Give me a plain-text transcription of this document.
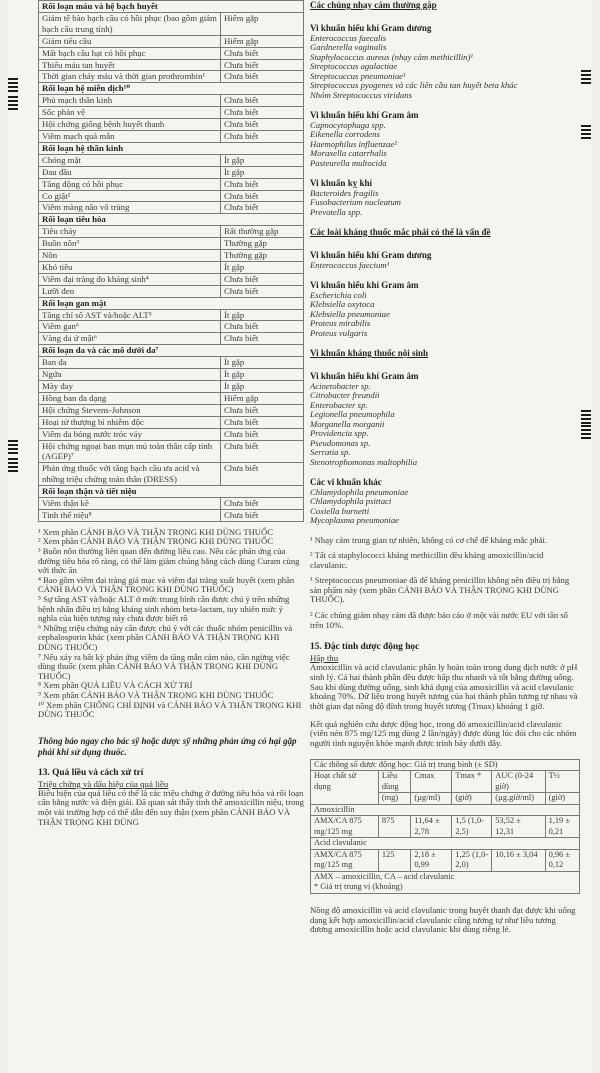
Rối loạn máu và hệ bạch huyết	
Giảm tế bào bạch cầu có hồi phục (bao gồm giảm bạch cầu trung tính)	Hiếm gặp
Giảm tiểu cầu	Hiếm gặp
Mất bạch cầu hạt có hồi phục	Chưa biết
Thiếu máu tan huyết	Chưa biết
Thời gian chảy máu và thời gian prothrombin¹	Chưa biết
Rối loạn hệ miễn dịch¹⁰	
Phù mạch thần kinh	Chưa biết
Sốc phản vệ	Chưa biết
Hội chứng giống bệnh huyết thanh	Chưa biết
Viêm mạch quá mẫn	Chưa biết
Rối loạn hệ thần kinh	
Chóng mặt	Ít gặp
Đau đầu	Ít gặp
Tăng động có hồi phục	Chưa biết
Co giật²	Chưa biết
Viêm màng não vô trùng	Chưa biết
Rối loạn tiêu hóa	
Tiêu chảy	Rất thường gặp
Buồn nôn³	Thường gặp
Nôn	Thường gặp
Khó tiêu	Ít gặp
Viêm đại tràng do kháng sinh⁴	Chưa biết
Lưỡi đen	Chưa biết
Rối loạn gan mật	
Tăng chỉ số AST và/hoặc ALT⁵	Ít gặp
Viêm gan⁶	Chưa biết
Vàng da ứ mật⁶	Chưa biết
Rối loạn da và các mô dưới da⁷	
Ban da	Ít gặp
Ngứa	Ít gặp
Mày đay	Ít gặp
Hồng ban đa dạng	Hiếm gặp
Hội chứng Stevens-Johnson	Chưa biết
Hoại tử thượng bì nhiễm độc	Chưa biết
Viêm da bóng nước tróc vảy	Chưa biết
Hội chứng ngoại ban mụn mủ toàn thân cấp tính (AGEP)⁷	Chưa biết
Phản ứng thuốc với tăng bạch cầu ưa acid và những triệu chứng toàn thân (DRESS)	Chưa biết
Rối loạn thận và tiết niệu	
Viêm thận kẽ	Chưa biết
Tinh thể niệu⁸	Chưa biết

¹ Xem phần CẢNH BÁO VÀ THẬN TRỌNG KHI DÙNG THUỐC

² Xem phần CẢNH BÁO VÀ THẬN TRỌNG KHI DÙNG THUỐC

³ Buồn nôn thường liên quan đến đường liều cao. Nếu các phản ứng của đường tiêu hóa rõ ràng, có thể làm giảm chúng bằng cách dùng Curam cùng với thức ăn

⁴ Bao gồm viêm đại tràng giả mạc và viêm đại tràng xuất huyết (xem phần CẢNH BÁO VÀ THẬN TRỌNG KHI DÙNG THUỐC)

⁵ Sự tăng AST và/hoặc ALT ở mức trung bình cần được chú ý trên những bệnh nhân điều trị bằng kháng sinh nhóm beta-lactam, tuy nhiên mức ý nghĩa của hiện tượng này chưa được biết rõ

⁶ Những triệu chứng này cần được chú ý với các thuốc nhóm penicillin và cephalosporin khác (xem phần CẢNH BÁO VÀ THẬN TRỌNG KHI DÙNG THUỐC)

⁷ Nếu xảy ra bất kỳ phản ứng viêm da tăng mẫn cảm nào, cần ngừng việc dùng thuốc (xem phần CẢNH BÁO VÀ THẬN TRỌNG KHI DÙNG THUỐC)

⁸ Xem phần QUÁ LIỀU VÀ CÁCH XỬ TRÍ

⁹ Xem phần CẢNH BÁO VÀ THẬN TRỌNG KHI DÙNG THUỐC

¹⁰ Xem phần CHỐNG CHỈ ĐỊNH và CẢNH BÁO VÀ THẬN TRỌNG KHI DÙNG THUỐC

Thông báo ngay cho bác sỹ hoặc dược sỹ những phản ứng có hại gặp phải khi sử dụng thuốc.

13. Quá liều và cách xử trí

Triệu chứng và dấu hiệu của quá liều

Biểu hiện của quá liều có thể là các triệu chứng ở đường tiêu hóa và rối loạn cân bằng nước và điện giải. Đã quan sát thấy tinh thể amoxicillin niệu, trong một vài trường hợp có thể dẫn đến suy thận (xem phần CẢNH BÁO VÀ THẬN TRỌNG KHI DÙNG

Các chủng nhạy cảm thường gặp

Vi khuẩn hiếu khí Gram dương
Enterococcus faecalis
Gardnerella vaginalis
Staphylococcus aureus (nhạy cảm methicillin)¹
Streptococcus agalactiae
Streptococcus pneumoniae¹
Streptococcus pyogenes và các liên cầu tan huyết beta khác
Nhóm Streptococcus viridans
Vi khuẩn hiếu khí Gram âm
Capnocytophaga spp.
Eikenella corrodens
Haemophilus influenzae²
Moraxella catarrhalis
Pasteurella multocida
Vi khuẩn kỵ khí
Bacteroides fragilis
Fusobacterium nucleatum
Prevotella spp.

Các loài kháng thuốc mắc phải có thể là vấn đề

Vi khuẩn hiếu khí Gram dương
Enterococcus faecium¹
Vi khuẩn hiếu khí Gram âm
Escherichia coli
Klebsiella oxytoca
Klebsiella pneumoniae
Proteus mirabilis
Proteus vulgaris

Vi khuẩn kháng thuốc nội sinh

Vi khuẩn hiếu khí Gram âm
Acinetobacter sp.
Citrobacter freundii
Enterobacter sp.
Legionella pneumophila
Morganella morganii
Providencia spp.
Pseudomonas sp.
Serratia sp.
Stenotrophomonas maltophilia
Các vi khuẩn khác
Chlamydophila pneumoniae
Chlamydophila psittaci
Coxiella burnetti
Mycoplasma pneumoniae

¹ Nhạy cảm trung gian tự nhiên, không có cơ chế để kháng mắc phải.

² Tất cả staphylococci kháng methicillin đều kháng amoxicillin/acid clavulanic.

¹ Streptococcus pneumoniae đã để kháng penicillin không nên điều trị bằng sản phẩm này (xem phần CẢNH BÁO VÀ THẬN TRỌNG KHI DÙNG THUỐC).

² Các chủng giảm nhạy cảm đã được báo cáo ở một vài nước EU với tần số trên 10%.

15. Đặc tính dược động học

Hấp thu

Amoxicillin và acid clavulanic phân ly hoàn toàn trong dung dịch nước ở pH sinh lý. Cả hai thành phần đều được hấp thu nhanh và tốt bằng đường uống. Sau khi dùng đường uống, sinh khả dụng của amoxicillin và acid clavulanic khoảng 70%. Dữ liệu trong huyết tương của hai thành phần tương tự nhau và thời gian đạt nồng độ đỉnh trong huyết tương (Tmax) khoảng 1 giờ.

Kết quả nghiên cứu dược động học, trong đó amoxicillin/acid clavulanic (viên nén 875 mg/125 mg dùng 2 lần/ngày) được dùng lúc đói cho các nhóm người tình nguyện khỏe mạnh được trình bày dưới đây.

Các thông số dược động học: Giá trị trung bình (± SD)					
Hoạt chất sử dụng	Liều dùng	Cmax	Tmax *	AUC (0-24 giờ)	T½
	(mg)	(µg/ml)	(giờ)	(µg.giờ/ml)	(giờ)
Amoxicillin					
AMX/CA 875 mg/125 mg	875	11,64 ± 2,78	1,5 (1,0-2,5)	53,52 ± 12,31	1,19 ± 0,21
Acid clavulanic					
AMX/CA 875 mg/125 mg	125	2,18 ± 0,99	1,25 (1,0-2,0)	10,16 ± 3,04	0,96 ± 0,12
AMX – amoxicillin, CA – acid clavulanic
* Giá trị trung vị (khoảng)					

Nồng độ amoxicillin và acid clavulanic trong huyết thanh đạt được khi uống dạng kết hợp amoxicillin/acid clavulanic cũng tương tự như liều tương đương amoxicillin hoặc acid clavulanic khi dùng riêng lẻ.
